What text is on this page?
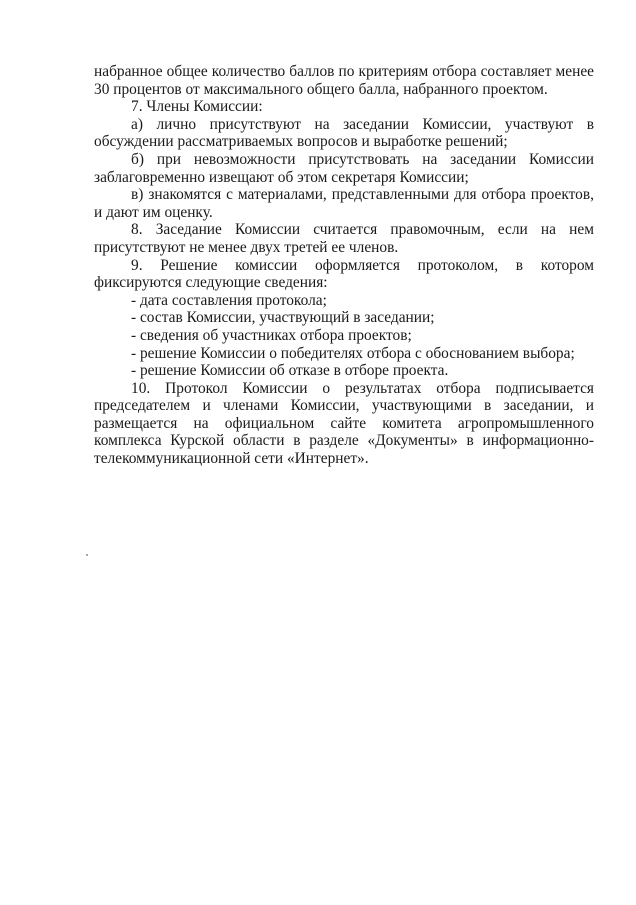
набранное общее количество баллов по критериям отбора составляет менее 30 процентов от максимального общего балла, набранного проектом.

7. Члены Комиссии:

а) лично присутствуют на заседании Комиссии, участвуют в обсуждении рассматриваемых вопросов и выработке решений;

б) при невозможности присутствовать на заседании Комиссии заблаговременно извещают об этом секретаря Комиссии;

в) знакомятся с материалами, представленными для отбора проектов, и дают им оценку.

8. Заседание Комиссии считается правомочным, если на нем присутствуют не менее двух третей ее членов.

9. Решение комиссии оформляется протоколом, в котором фиксируются следующие сведения:

- дата составления протокола;

- состав Комиссии, участвующий в заседании;

- сведения об участниках отбора проектов;

- решение Комиссии о победителях отбора с обоснованием выбора;

- решение Комиссии об отказе в отборе проекта.

10. Протокол Комиссии о результатах отбора подписывается председателем и членами Комиссии, участвующими в заседании, и размещается на официальном сайте комитета агропромышленного комплекса Курской области в разделе «Документы» в информационно-телекоммуникационной сети «Интернет».
